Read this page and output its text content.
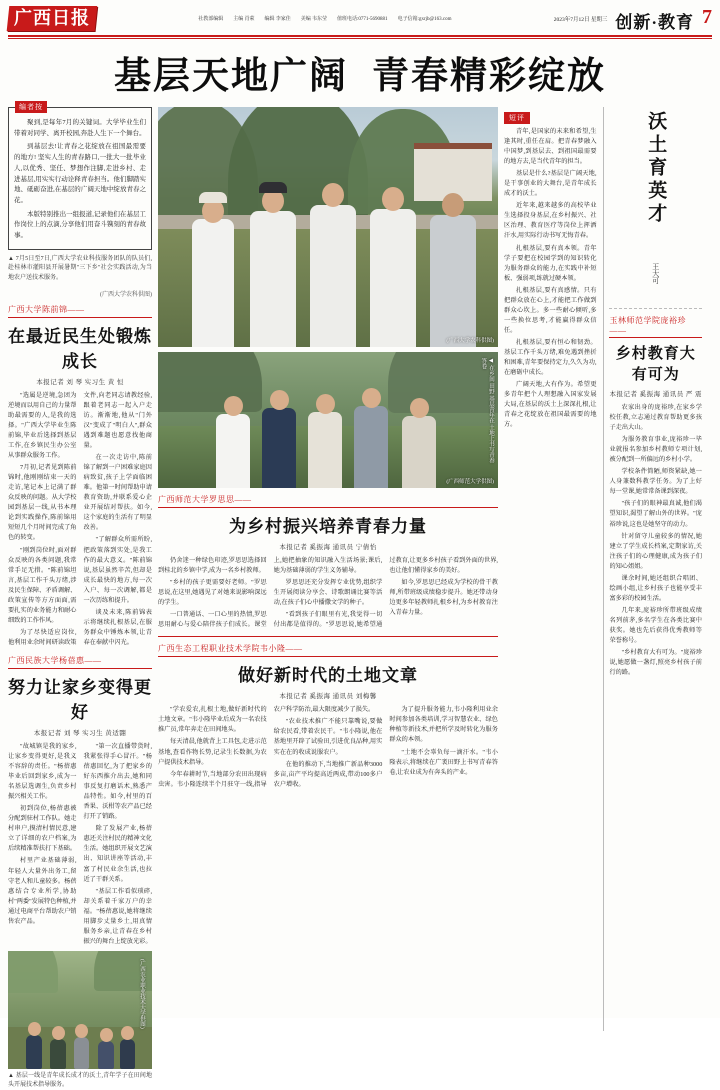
广西日报	社教部编辑 主编 肖萦 编辑 李家佳 美编 韦东莹 值班电话:0771-5690881 电子信箱:gxrjb@163.com	2023年7月12日 星期三 创新·教育 7
基层天地广阔 青春精彩绽放
编者按

聚到,是每年7月的关键词。大学毕业生们带着对同学、离开校园,奔赴人生下一个舞台。

到基层去!让青春之花绽放在祖国最需要的地方! 坚实人生的青春路口,一批大一批毕业人,以优秀、坚任、梦想作注脚,走进乡村、走进基层,用实实行动诠释青春担当。他们脚踏实地、砥砺奋进,在基层的广阔天地中绽放青春之花。

本版特别推出一组报道,记录他们在基层工作岗位上的点滴,分享他们用奋斗镌刻的青春故事。

▲ 7月5日至7日,广西大学农业科技服务团队的队员们,赴桂林市灌阳县开展暑期"三下乡"社会实践活动,为当地农户送技术服务。
(广西大学农科供图)
广西大学陈前锦——
在最近民生处锻炼成长
本报记者 刘 琴 实习生 黄 恒

"选属是逆境,急团为逆境而以用自己的力量帮助最需要的人,是我的选择。"广西大学毕业生陈前锦,毕业后选择到基层工作,在乡镇民生办公室从事群众服务工作。

7月初,记者见到陈前锦时,他刚刚结束一天的走访,笔记本上记满了群众反映的问题。从大学校园到基层一线,从书本理论到实践操作,陈前锦用短短几个月时间完成了角色的转变。

"刚到岗位时,面对群众反映的各类问题,我常常手足无措。"陈前锦坦言,基层工作千头万绪,涉及民生保障、矛盾调解、政策宣传等方方面面,需要扎实的业务能力和耐心细致的工作作风。

为了尽快适应岗位,他利用业余时间研读政策文件,向老同志请教经验,跟着老同志一起入户走访。渐渐地,他从"门外汉"变成了"明白人",群众遇到难题也愿意找他商量。

在一次走访中,陈前锦了解到一户困难家庭因病致贫,孩子上学面临困难。他第一时间帮助申请教育资助,并联系爱心企业开展结对帮扶。如今,这个家庭的生活有了明显改善。

"了解群众所需所盼,把政策落到实处,是我工作的最大意义。"陈前锦说,基层虽然辛苦,但却是成长最快的地方,每一次入户、每一次调解,都是一次历练和提升。

谈及未来,陈前锦表示将继续扎根基层,在服务群众中锤炼本领,让青春在奉献中闪光。

广西民族大学杨蓓惠——
努力让家乡变得更好
本报记者 刘 琴 实习生 黄适翾

"故城镇是我的家乡,让家乡变得更好,是我义不容辞的责任。"杨蓓惠毕业后回到家乡,成为一名基层选调生,负责乡村振兴相关工作。

初到岗位,杨蓓惠被分配到驻村工作队。她走村串户,摸清村情民意,建立了详细的农户档案,为后续精准帮扶打下基础。

村里产业基础薄弱,年轻人大量外出务工,留守老人和儿童较多。杨蓓惠结合专业所学,协助村"两委"发展特色种植,并通过电商平台帮助农户销售农产品。

"第一次直播带货时,我紧张得手心冒汗。"杨蓓惠回忆,为了把家乡的好东西推介出去,她和同事反复打磨话术,熟悉产品特性。如今,村里的百香果、沃柑等农产品已经打开了销路。

除了发展产业,杨蓓惠还关注村民的精神文化生活。她组织开展文艺演出、知识讲座等活动,丰富了村民业余生活,也拉近了干群关系。

"基层工作看似琐碎,却关系着千家万户的幸福。"杨蓓惠说,她将继续用脚步丈量乡土,用真情服务乡亲,让青春在乡村振兴的舞台上绽放光彩。

(广西农业职业技术大学供图)
▲ 基层一线是青年成长成才的沃土,青年学子在田间地头开展技术指导服务。
(广西大学农科供图)
◀ 在乡间 田野 基层青年在 土地上书写青春答卷
(广西师范大学供图)
广西师范大学罗思思——
为乡村振兴培养青春力量
本报记者 奚振海 通讯员 宁倩怡

仍舍迷一种绿色印迹,罗思思选择回到桂北的乡镇中学,成为一名乡村教师。

"乡村的孩子更需要好老师。"罗思思说,在这里,她遇见了对她来说影响深远的学生。

一口普通话、一口心里的热情,罗思思用耐心与爱心陪伴孩子们成长。课堂上,她把抽象的知识融入生活场景;课后,她为基础薄弱的学生义务辅导。

罗思思还充分发挥专业优势,组织学生开展阅读分享会、诗歌朗诵比赛等活动,在孩子们心中播撒文学的种子。

"看到孩子们眼里有光,我觉得一切付出都是值得的。"罗思思说,她希望通过教育,让更多乡村孩子看到外面的世界,也让他们懂得家乡的美好。

如今,罗思思已经成为学校的骨干教师,所带班级成绩稳步提升。她还带动身边更多年轻教师扎根乡村,为乡村教育注入青春力量。

广西生态工程职业技术学院韦小隆——
做好新时代的土地文章
本报记者 奚振海 通讯员 刘梅馨

"学农爱农,扎根土地,做好新时代的土地文章。"韦小隆毕业后成为一名农技推广员,常年奔走在田间地头。

每天清晨,他就背上工具包,走进示范基地,查看作物长势,记录生长数据,为农户提供技术指导。

今年春耕时节,当地部分农田出现病虫害。韦小隆连续半个月驻守一线,指导农户科学防治,最大限度减少了损失。

"农业技术推广不能只靠嘴说,要做给农民看,带着农民干。"韦小隆说,他在基地里开辟了试验田,引进优良品种,用实实在在的收成说服农户。

在他的推动下,当地推广新品种3000多亩,亩产平均提高近两成,带动100多户农户增收。

为了提升服务能力,韦小隆利用业余时间参加各类培训,学习智慧农业、绿色种植等新技术,并把所学及时转化为服务群众的本领。

"土地不会辜负每一滴汗水。"韦小隆表示,将继续在广袤田野上书写青春答卷,让农业成为有奔头的产业。

短评

青年,是国家的未来和希望,生逢其时,重任在肩。把青春梦融入中国梦,到基层去、到祖国最需要的地方去,是当代青年的担当。

基层是什么?基层是广阔天地,是干事创业的大舞台,是青年成长成才的沃土。

近年来,越来越多的高校毕业生选择投身基层,在乡村振兴、社区治理、教育医疗等岗位上挥洒汗水,用实际行动书写无悔青春。

扎根基层,要有真本领。青年学子要把在校园学到的知识转化为服务群众的能力,在实践中补短板、强弱项,练就过硬本领。

扎根基层,要有真感情。只有把群众放在心上,才能把工作做到群众心坎上。多一些耐心倾听,多一些换位思考,才能赢得群众信任。

扎根基层,要有恒心和韧劲。基层工作千头万绪,难免遇到挫折和困难,青年要保持定力,久久为功,在磨砺中成长。

广阔天地,大有作为。希望更多青年把个人理想融入国家发展大局,在基层的沃土上深深扎根,让青春之花绽放在祖国最需要的地方。

沃土育英才
王大可
玉林师范学院庞裕珍——
乡村教育大有可为
本报记者 奚振海 通讯员 严 震

农家出身的庞裕珍,在家乡学校任教,立志通过教育帮助更多孩子走出大山。

为服务教育事业,庞裕珍一毕业就报名参加乡村教师专项计划,被分配到一所偏远的乡村小学。

学校条件简陋,师资紧缺,她一人身兼数科教学任务。为了上好每一堂课,她常常备课到深夜。

"孩子们的眼神最真诚,他们渴望知识,渴望了解山外的世界。"庞裕珍说,这也是她坚守的动力。

针对留守儿童较多的情况,她建立了学生成长档案,定期家访,关注孩子们的心理健康,成为孩子们的知心姐姐。

课余时间,她还组织合唱团、绘画小组,让乡村孩子也能享受丰富多彩的校园生活。

几年来,庞裕珍所带班级成绩名列前茅,多名学生在各类比赛中获奖。她也先后获得优秀教师等荣誉称号。

"乡村教育大有可为。"庞裕珍说,她愿做一盏灯,照亮乡村孩子前行的路。
